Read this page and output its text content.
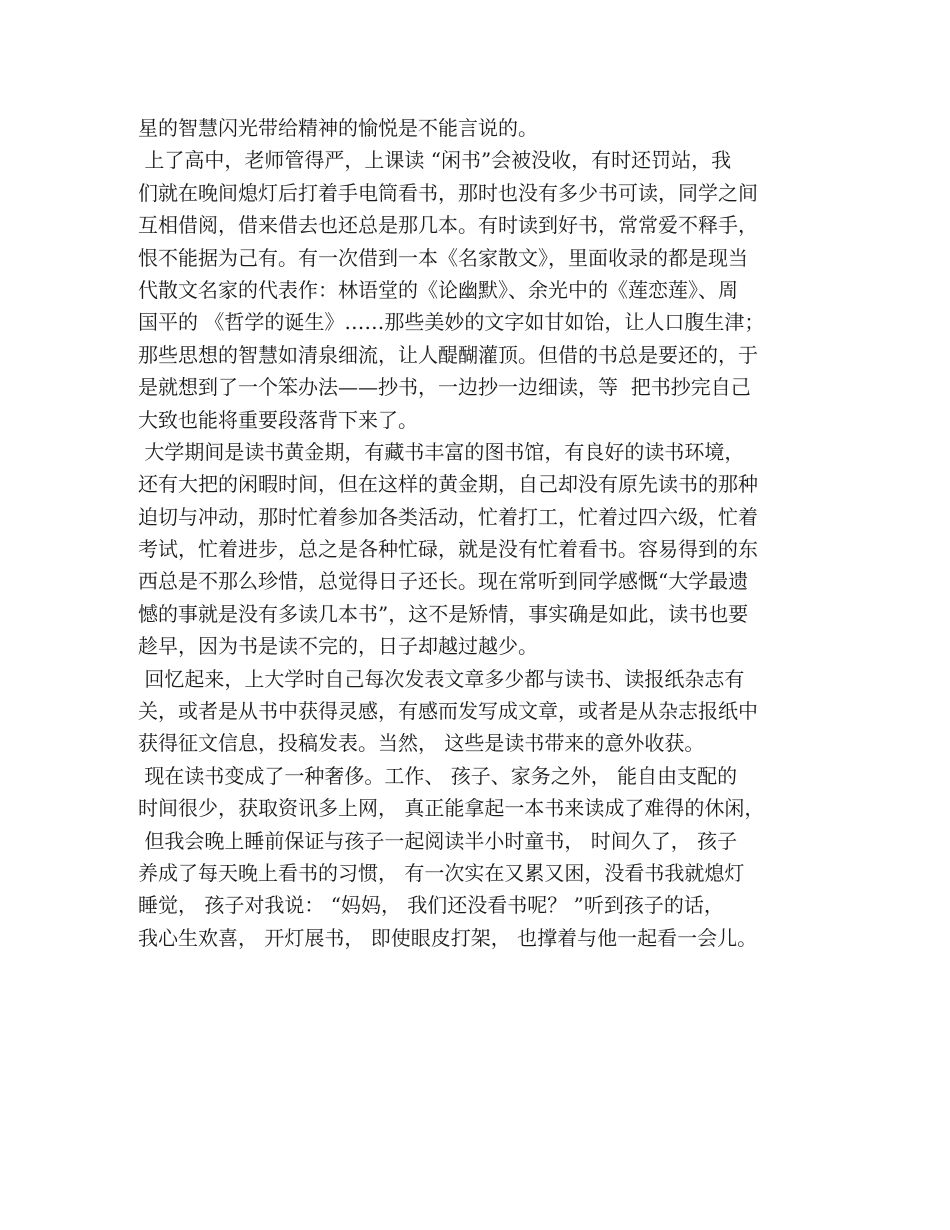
星的智慧闪光带给精神的愉悦是不能言说的。
上了高中，老师管得严，上课读 “闲书”会被没收，有时还罚站，我
们就在晚间熄灯后打着手电筒看书，那时也没有多少书可读，同学之间
互相借阅，借来借去也还总是那几本。有时读到好书，常常爱不释手，
恨不能据为己有。有一次借到一本《名家散文》，里面收录的都是现当
代散文名家的代表作：林语堂的《论幽默》、余光中的《莲恋莲》、周
国平的 《哲学的诞生》……那些美妙的文字如甘如饴，让人口腹生津；
那些思想的智慧如清泉细流，让人醍醐灌顶。但借的书总是要还的，于
是就想到了一个笨办法——抄书，一边抄一边细读，等  把书抄完自己
大致也能将重要段落背下来了。
大学期间是读书黄金期，有藏书丰富的图书馆，有良好的读书环境，
还有大把的闲暇时间，但在这样的黄金期，自己却没有原先读书的那种
迫切与冲动，那时忙着参加各类活动，忙着打工，忙着过四六级，忙着
考试，忙着进步，总之是各种忙碌，就是没有忙着看书。容易得到的东
西总是不那么珍惜，总觉得日子还长。现在常听到同学感慨“大学最遗
憾的事就是没有多读几本书”，这不是矫情，事实确是如此，读书也要
趁早，因为书是读不完的，日子却越过越少。
回忆起来，上大学时自己每次发表文章多少都与读书、读报纸杂志有
关，或者是从书中获得灵感，有感而发写成文章，或者是从杂志报纸中
获得征文信息，投稿发表。当然， 这些是读书带来的意外收获。
现在读书变成了一种奢侈。工作、 孩子、家务之外， 能自由支配的
时间很少，获取资讯多上网， 真正能拿起一本书来读成了难得的休闲，
但我会晚上睡前保证与孩子一起阅读半小时童书， 时间久了， 孩子
养成了每天晚上看书的习惯， 有一次实在又累又困，没看书我就熄灯
睡觉， 孩子对我说： “妈妈， 我们还没看书呢？ ”听到孩子的话，
我心生欢喜， 开灯展书， 即使眼皮打架， 也撑着与他一起看一会儿。
